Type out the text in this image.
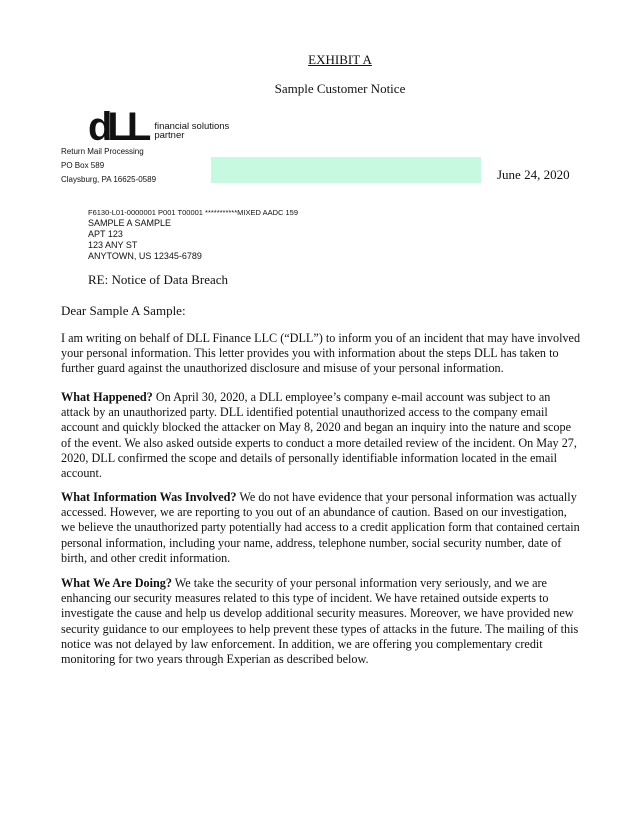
EXHIBIT A
Sample Customer Notice
dLL financial solutions
partner
Return Mail Processing
PO Box 589
Claysburg, PA 16625-0589	June 24, 2020
F6130-L01-0000001 P001 T00001 ***********MIXED AADC 159
SAMPLE A SAMPLE
APT 123
123 ANY ST
ANYTOWN, US 12345-6789
RE: Notice of Data Breach
Dear Sample A Sample:
I am writing on behalf of DLL Finance LLC (“DLL”) to inform you of an incident that may have involved your personal information. This letter provides you with information about the steps DLL has taken to further guard against the unauthorized disclosure and misuse of your personal information.
What Happened? On April 30, 2020, a DLL employee’s company e-mail account was subject to an attack by an unauthorized party. DLL identified potential unauthorized access to the company email account and quickly blocked the attacker on May 8, 2020 and began an inquiry into the nature and scope of the event. We also asked outside experts to conduct a more detailed review of the incident. On May 27, 2020, DLL confirmed the scope and details of personally identifiable information located in the email account.
What Information Was Involved? We do not have evidence that your personal information was actually accessed. However, we are reporting to you out of an abundance of caution. Based on our investigation, we believe the unauthorized party potentially had access to a credit application form that contained certain personal information, including your name, address, telephone number, social security number, date of birth, and other credit information.
What We Are Doing? We take the security of your personal information very seriously, and we are enhancing our security measures related to this type of incident. We have retained outside experts to investigate the cause and help us develop additional security measures. Moreover, we have provided new security guidance to our employees to help prevent these types of attacks in the future. The mailing of this notice was not delayed by law enforcement. In addition, we are offering you complementary credit monitoring for two years through Experian as described below.
